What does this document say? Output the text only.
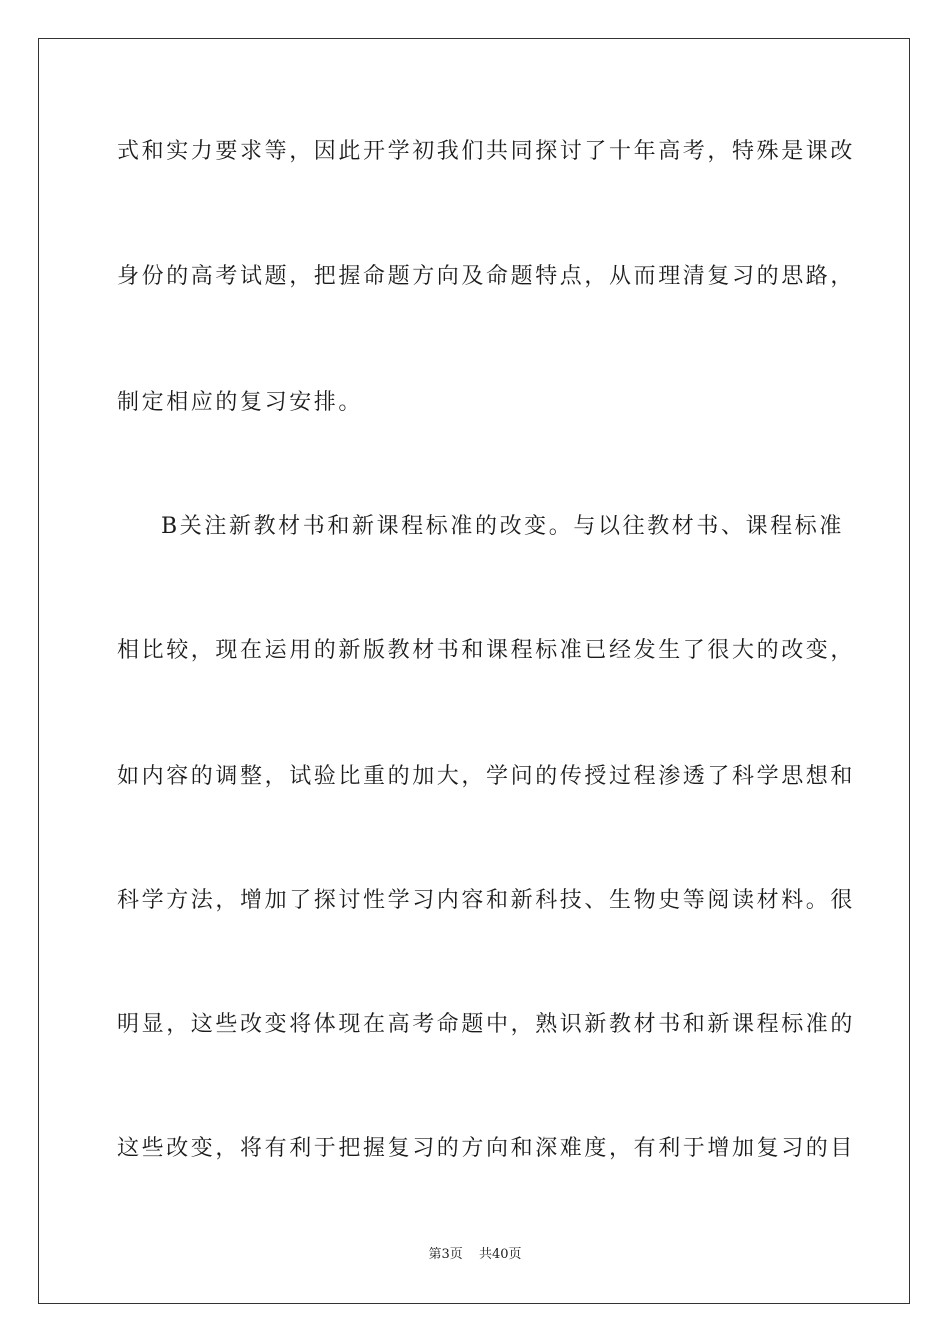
式和实力要求等，因此开学初我们共同探讨了十年高考，特殊是课改
身份的高考试题，把握命题方向及命题特点，从而理清复习的思路，
制定相应的复习安排。
B关注新教材书和新课程标准的改变。与以往教材书、课程标准
相比较，现在运用的新版教材书和课程标准已经发生了很大的改变，
如内容的调整，试验比重的加大，学问的传授过程渗透了科学思想和
科学方法，增加了探讨性学习内容和新科技、生物史等阅读材料。很
明显，这些改变将体现在高考命题中，熟识新教材书和新课程标准的
这些改变，将有利于把握复习的方向和深难度，有利于增加复习的目
第3页 共40页
